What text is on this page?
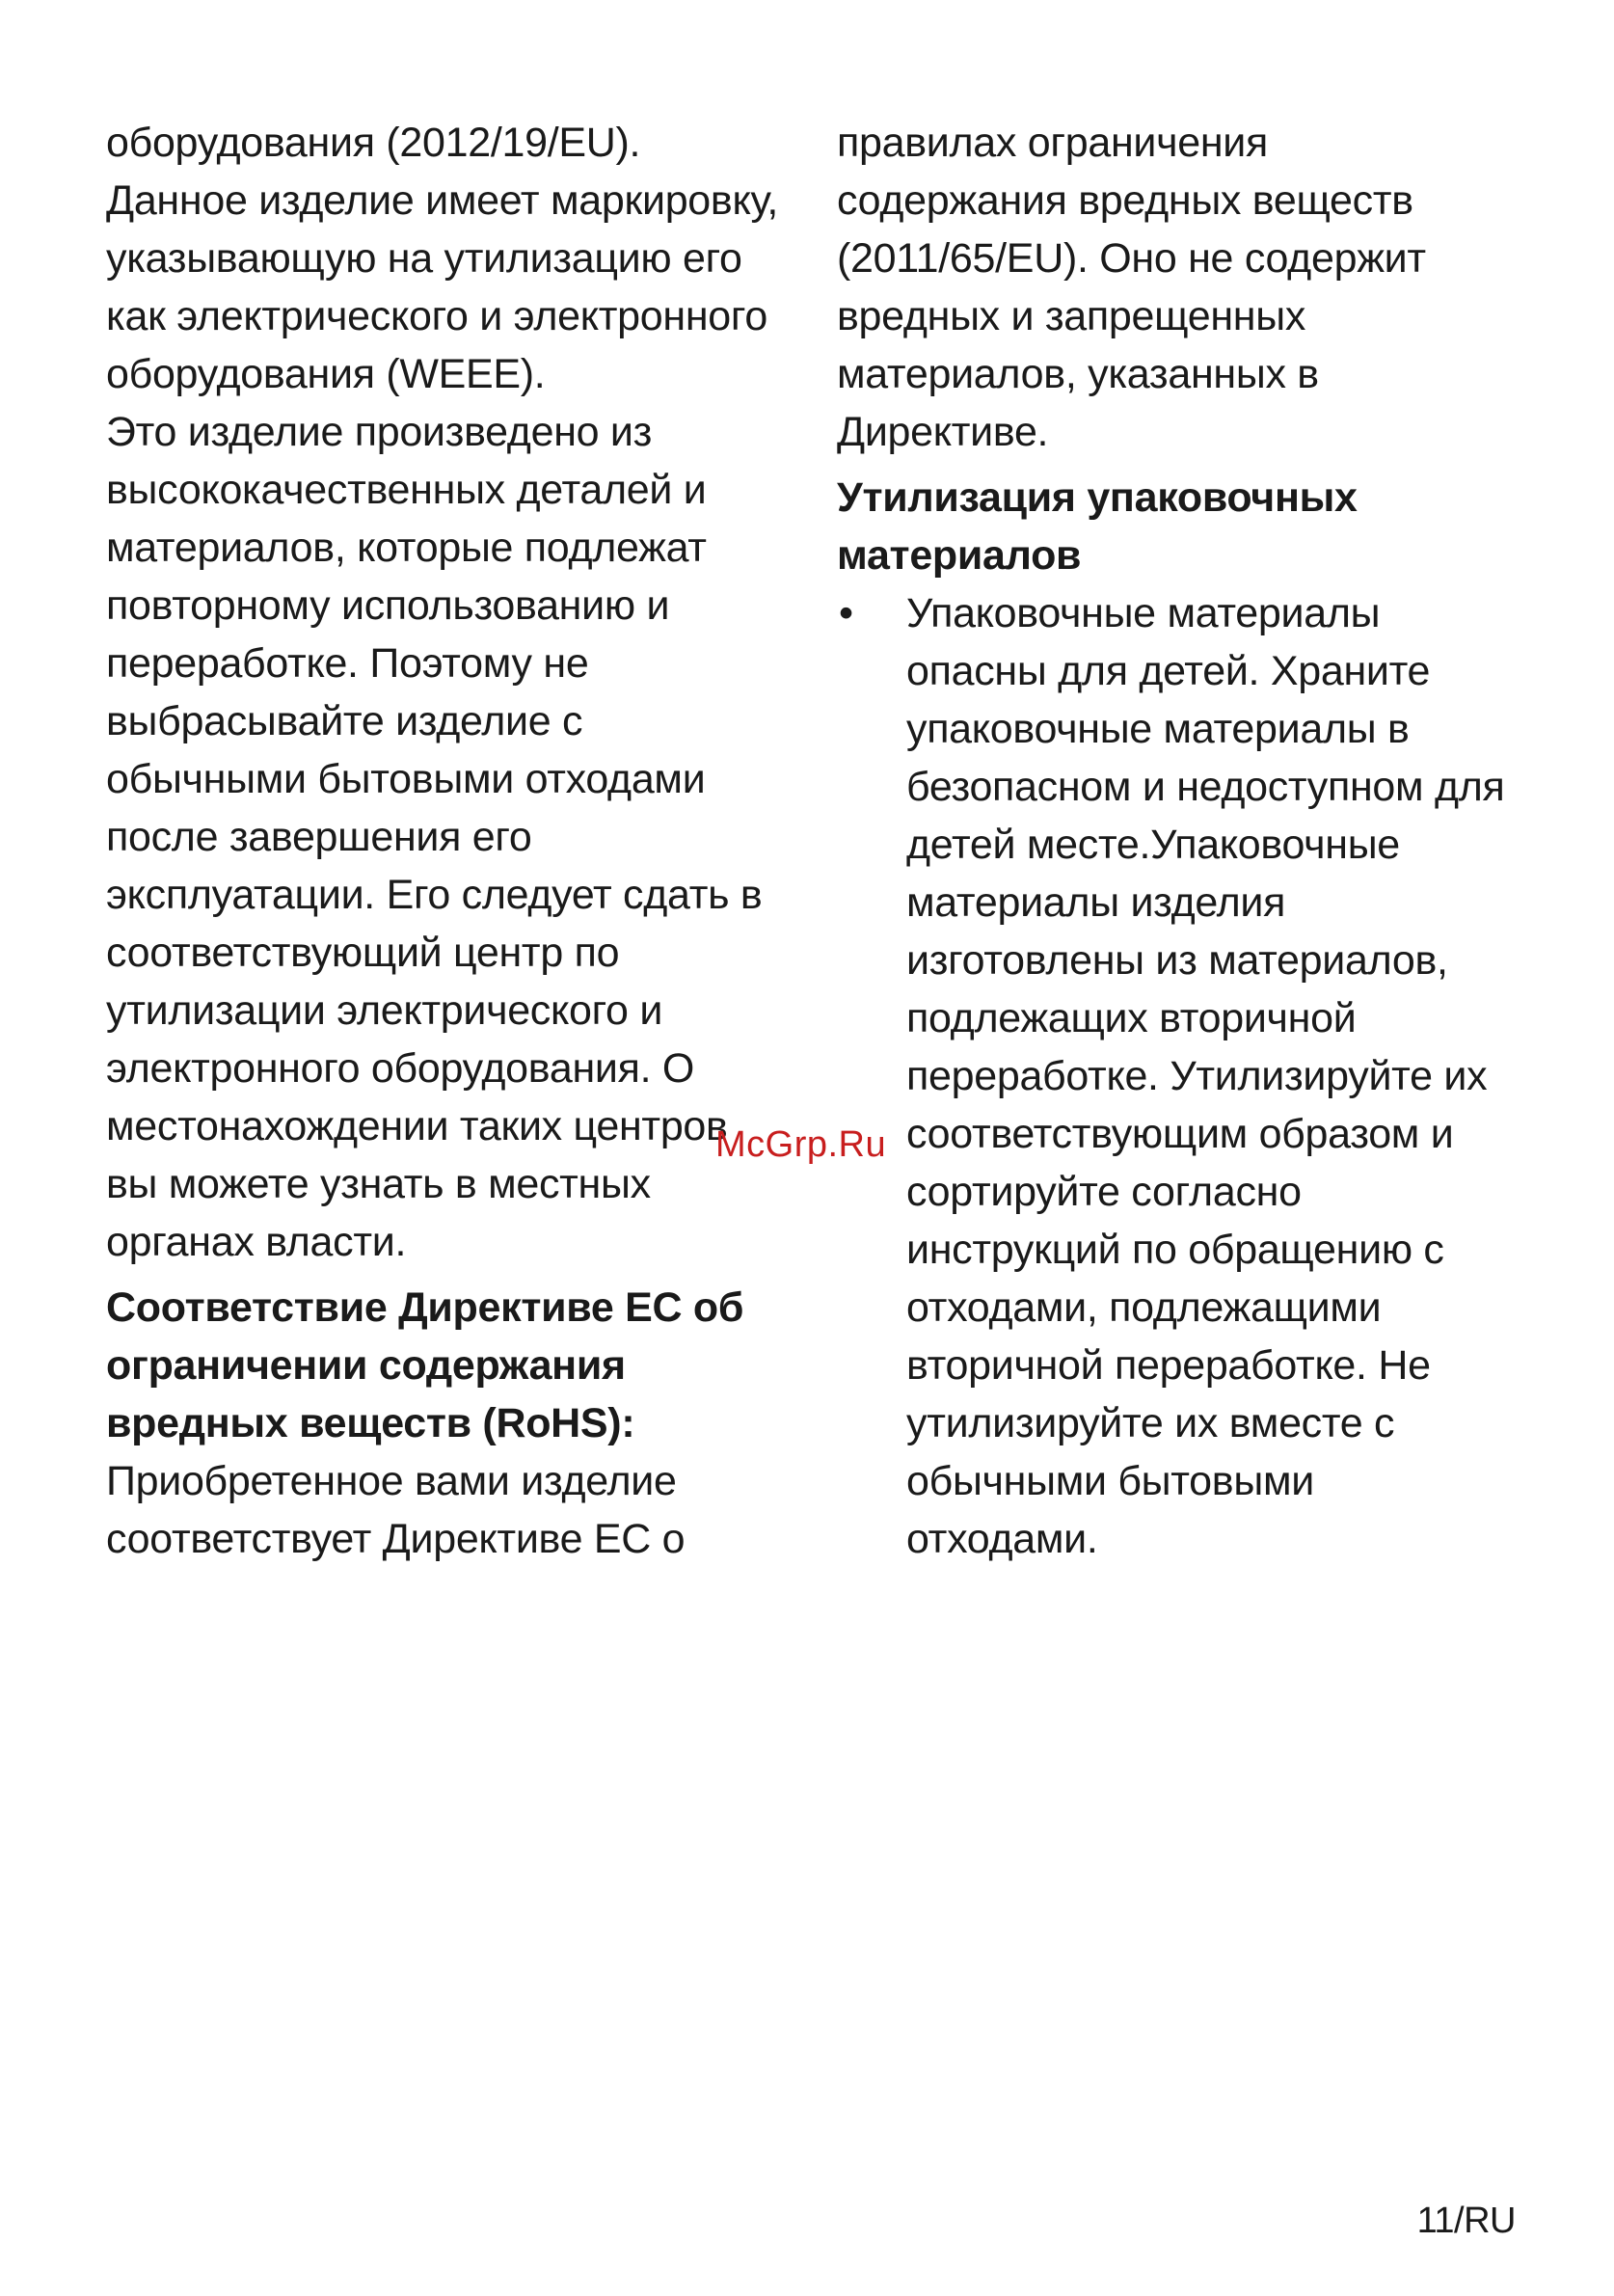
оборудования (2012/19/EU).
Данное изделие имеет маркировку,
указывающую на утилизацию его
как электрического и электронного
оборудования (WEEE).
Это изделие произведено из
высококачественных деталей и
материалов, которые подлежат
повторному использованию и
переработке. Поэтому не
выбрасывайте изделие с
обычными бытовыми отходами
после завершения его
эксплуатации. Его следует сдать в
соответствующий центр по
утилизации электрического и
электронного оборудования. О
местонахождении таких центров
вы можете узнать в местных
органах власти.
Соответствие Директиве ЕС об
ограничении содержания
вредных веществ (RoHS):
Приобретенное вами изделие
соответствует Директиве ЕС о
правилах ограничения
содержания вредных веществ
(2011/65/EU). Оно не содержит
вредных и запрещенных
материалов, указанных в
Директиве.
Утилизация упаковочных
материалов
• Упаковочные материалы
опасны для детей. Храните
упаковочные материалы в
безопасном и недоступном для
детей месте.Упаковочные
материалы изделия
изготовлены из материалов,
подлежащих вторичной
переработке. Утилизируйте их
соответствующим образом и
сортируйте согласно
инструкций по обращению с
отходами, подлежащими
вторичной переработке. Не
утилизируйте их вместе с
обычными бытовыми
отходами.
McGrp.Ru
11/RU
